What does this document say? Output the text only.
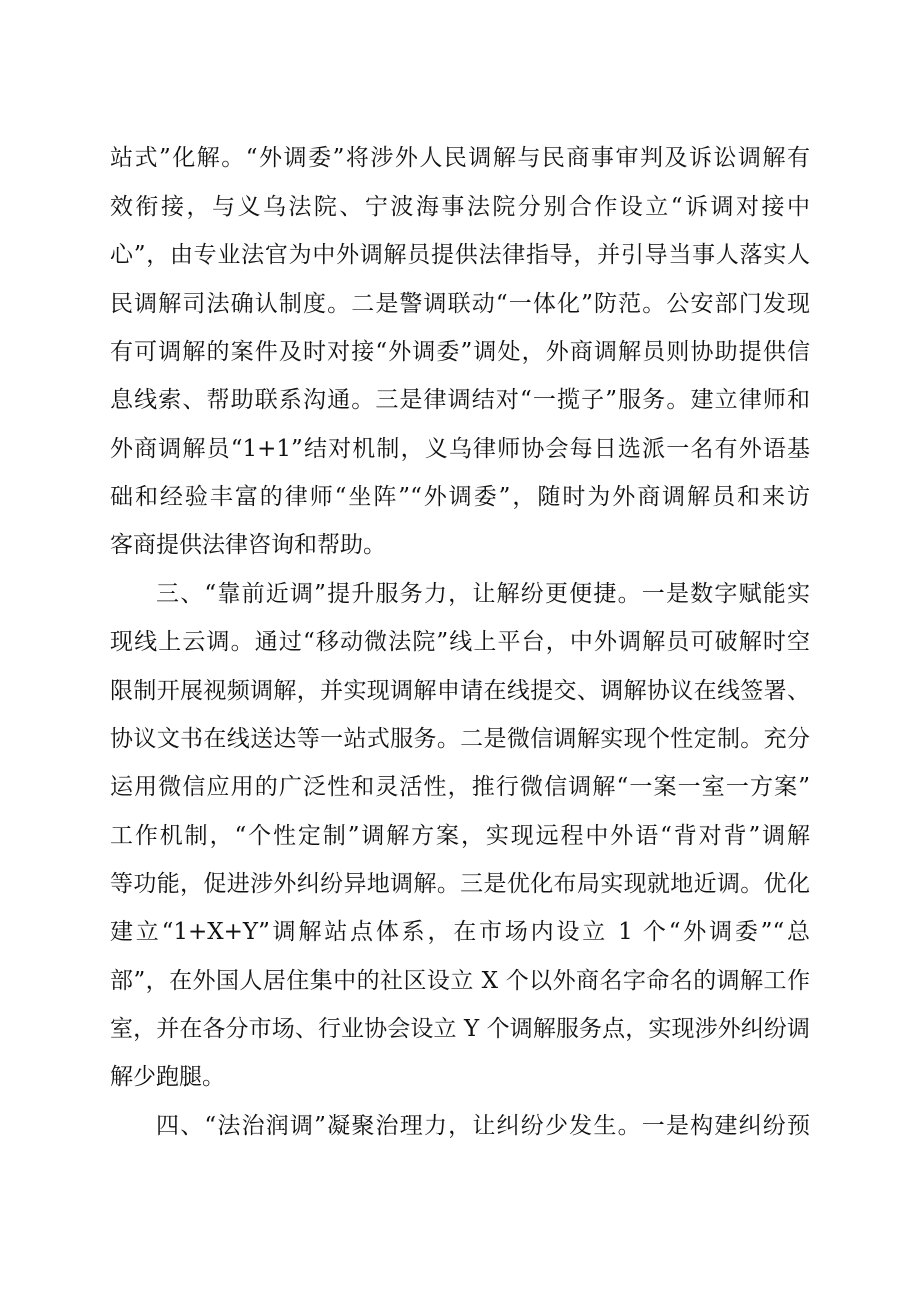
站式”化解。“外调委”将涉外人民调解与民商事审判及诉讼调解有
效衔接，与义乌法院、宁波海事法院分别合作设立“诉调对接中
心”，由专业法官为中外调解员提供法律指导，并引导当事人落实人
民调解司法确认制度。二是警调联动“一体化”防范。公安部门发现
有可调解的案件及时对接“外调委”调处，外商调解员则协助提供信
息线索、帮助联系沟通。三是律调结对“一揽子”服务。建立律师和
外商调解员“1+1”结对机制，义乌律师协会每日选派一名有外语基
础和经验丰富的律师“坐阵”“外调委”，随时为外商调解员和来访
客商提供法律咨询和帮助。
三、“靠前近调”提升服务力，让解纷更便捷。一是数字赋能实
现线上云调。通过“移动微法院”线上平台，中外调解员可破解时空
限制开展视频调解，并实现调解申请在线提交、调解协议在线签署、
协议文书在线送达等一站式服务。二是微信调解实现个性定制。充分
运用微信应用的广泛性和灵活性，推行微信调解“一案一室一方案”
工作机制，“个性定制”调解方案，实现远程中外语“背对背”调解
等功能，促进涉外纠纷异地调解。三是优化布局实现就地近调。优化
建立“1+X+Y”调解站点体系，在市场内设立 1 个“外调委”“总
部”，在外国人居住集中的社区设立 X 个以外商名字命名的调解工作
室，并在各分市场、行业协会设立 Y 个调解服务点，实现涉外纠纷调
解少跑腿。
四、“法治润调”凝聚治理力，让纠纷少发生。一是构建纠纷预
